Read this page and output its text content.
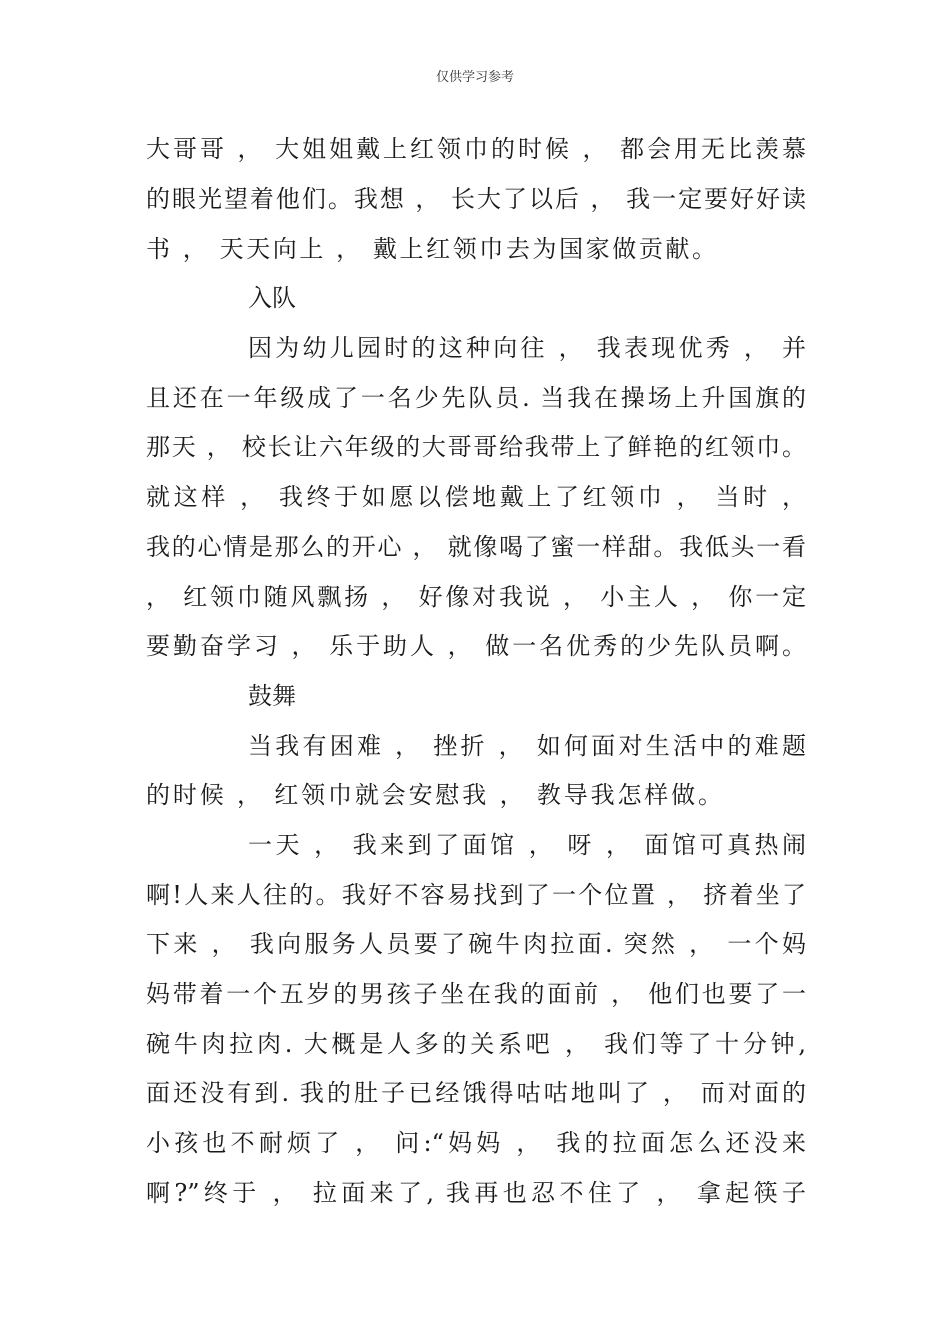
仅供学习参考
大哥哥 ， 大姐姐戴上红领巾的时候 ， 都会用无比羡慕
的眼光望着他们。我想 ， 长大了以后 ， 我一定要好好读
书 ， 天天向上 ， 戴上红领巾去为国家做贡献。
入队
因为幼儿园时的这种向往 ， 我表现优秀 ， 并
且还在一年级成了一名少先队员. 当我在操场上升国旗的
那天 ， 校长让六年级的大哥哥给我带上了鲜艳的红领巾。
就这样 ， 我终于如愿以偿地戴上了红领巾 ， 当时 ，
我的心情是那么的开心 ， 就像喝了蜜一样甜。我低头一看
， 红领巾随风飘扬 ， 好像对我说 ， 小主人 ， 你一定
要勤奋学习 ， 乐于助人 ， 做一名优秀的少先队员啊。
鼓舞
当我有困难 ， 挫折 ， 如何面对生活中的难题
的时候 ， 红领巾就会安慰我 ， 教导我怎样做。
一天 ， 我来到了面馆 ， 呀 ， 面馆可真热闹
啊!人来人往的。我好不容易找到了一个位置 ， 挤着坐了
下来 ， 我向服务人员要了碗牛肉拉面. 突然 ， 一个妈
妈带着一个五岁的男孩子坐在我的面前 ， 他们也要了一
碗牛肉拉肉. 大概是人多的关系吧 ， 我们等了十分钟,
面还没有到. 我的肚子已经饿得咕咕地叫了 ， 而对面的
小孩也不耐烦了 ， 问:“妈妈 ， 我的拉面怎么还没来
啊?”终于 ， 拉面来了, 我再也忍不住了 ， 拿起筷子
